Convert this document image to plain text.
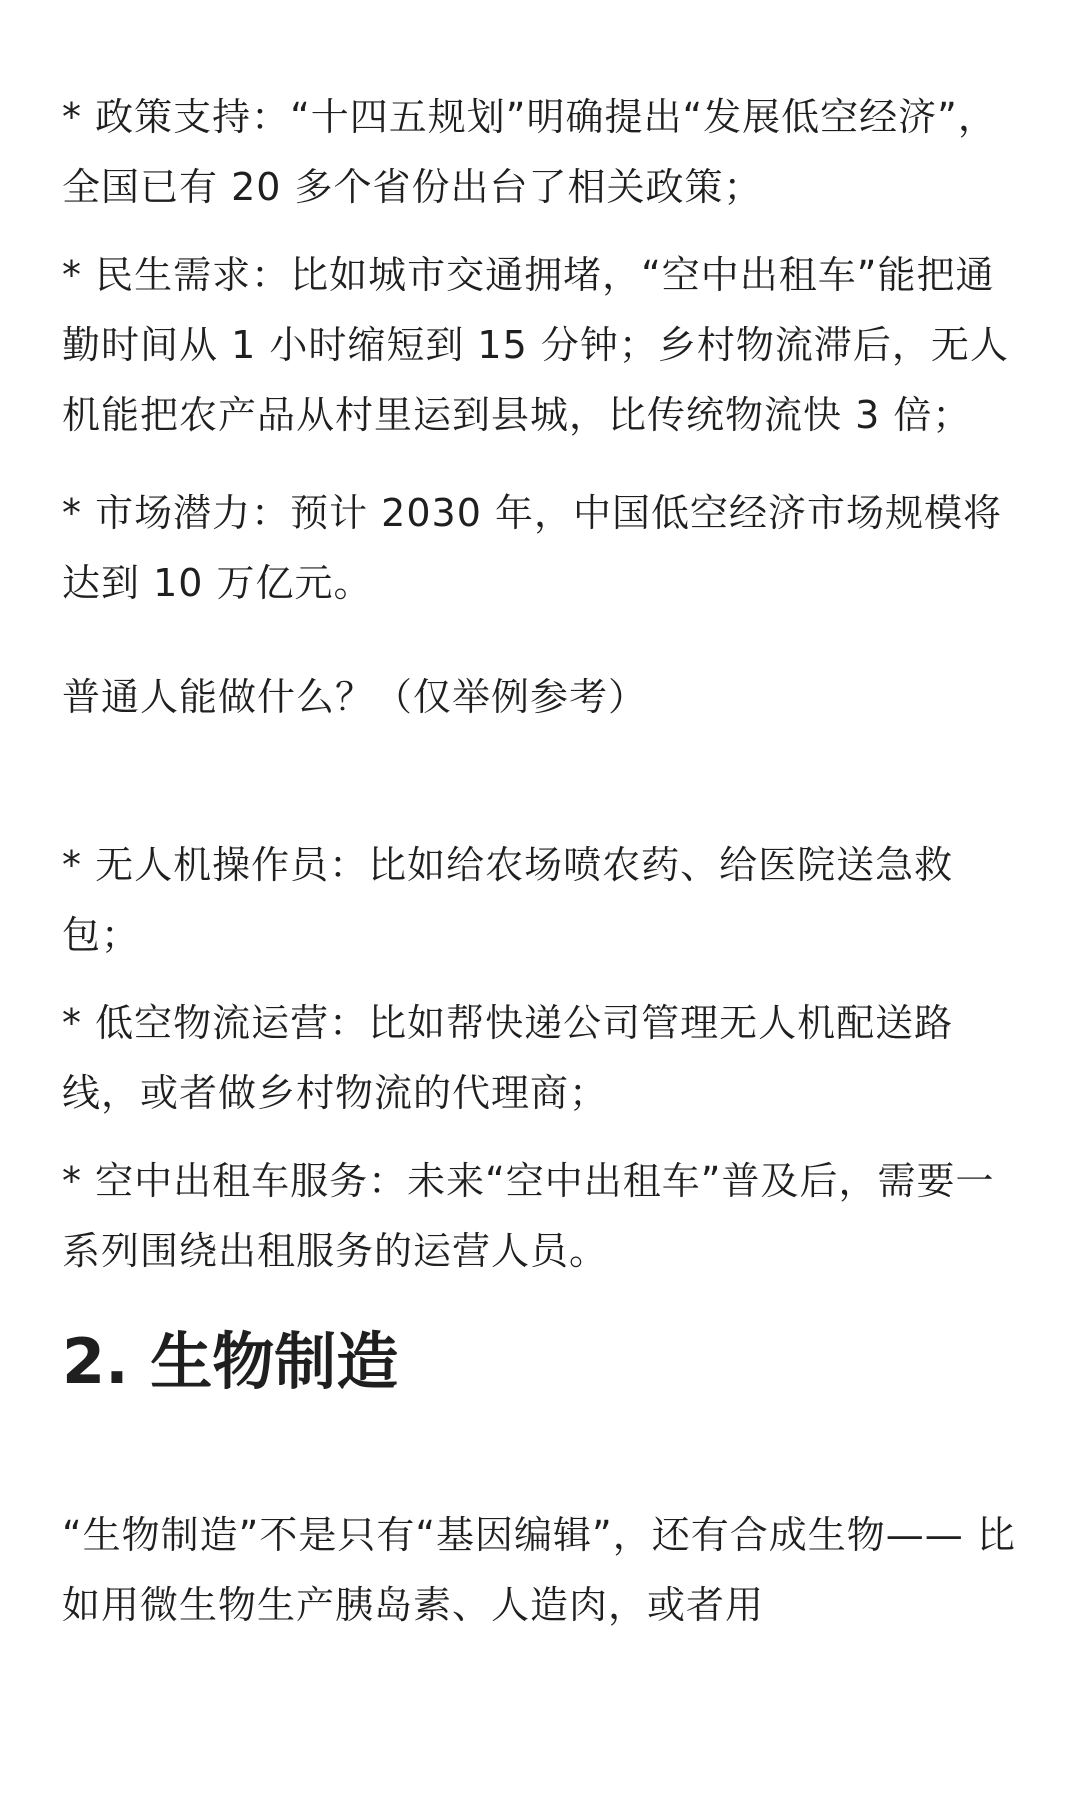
* 政策支持：“十四五规划”明确提出“发展低空经济”，全国已有 20 多个省份出台了相关政策；

* 民生需求：比如城市交通拥堵，“空中出租车”能把通勤时间从 1 小时缩短到 15 分钟；乡村物流滞后，无人机能把农产品从村里运到县城，比传统物流快 3 倍；

* 市场潜力：预计 2030 年，中国低空经济市场规模将达到 10 万亿元。

普通人能做什么？（仅举例参考）

* 无人机操作员：比如给农场喷农药、给医院送急救包；

* 低空物流运营：比如帮快递公司管理无人机配送路线，或者做乡村物流的代理商；

* 空中出租车服务：未来“空中出租车”普及后，需要一系列围绕出租服务的运营人员。

2. 生物制造

“生物制造”不是只有“基因编辑”，还有合成生物—— 比如用微生物生产胰岛素、人造肉，或者用
